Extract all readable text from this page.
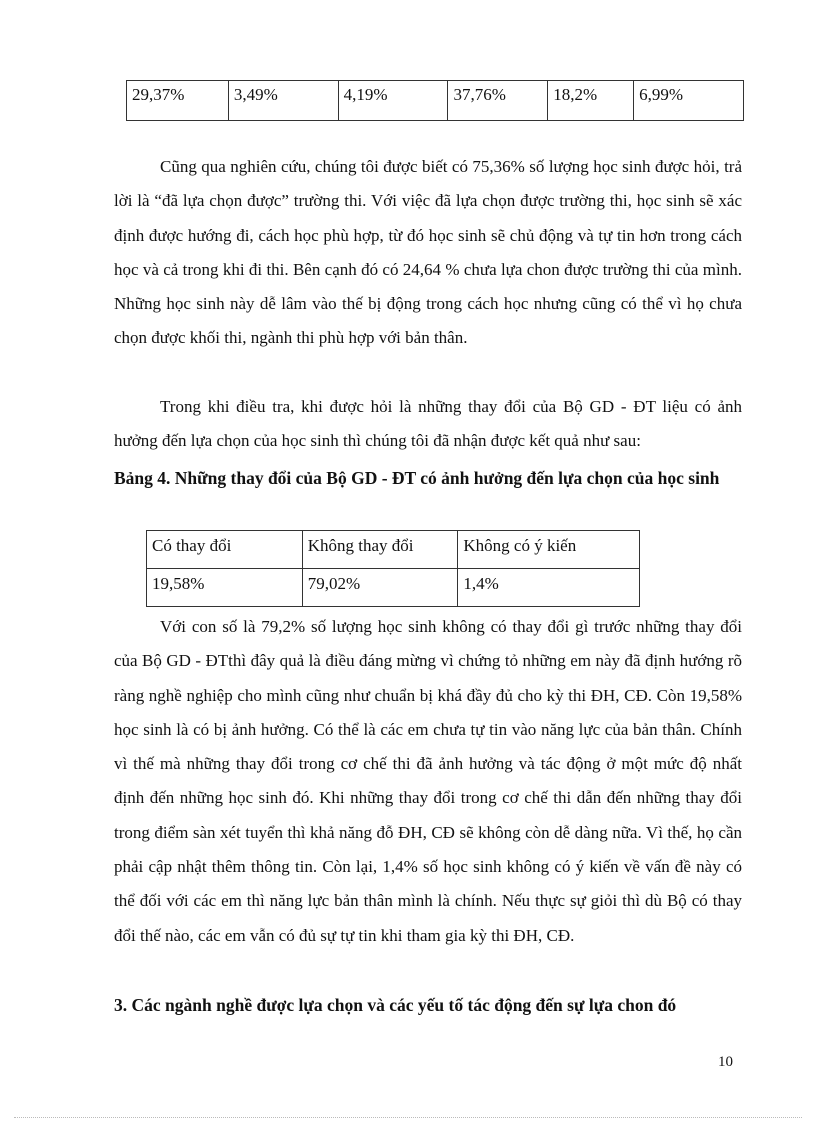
29,37%	3,49%	4,19%	37,76%	18,2%	6,99%

Cũng qua nghiên cứu, chúng tôi được biết có 75,36% số lượng học sinh được hỏi, trả lời là “đã lựa chọn được” trường thi. Với việc đã lựa chọn được trường thi, học sinh sẽ xác định được hướng đi, cách học phù hợp, từ đó học sinh sẽ chủ động và tự tin hơn trong cách học và cả trong khi đi thi. Bên cạnh đó có 24,64 % chưa lựa chon được trường thi của mình. Những học sinh này dễ lâm vào thế bị động trong cách học nhưng cũng có thể vì họ chưa chọn được khối thi, ngành thi phù hợp với bản thân.

Trong khi điều tra, khi được hỏi là những thay đổi của Bộ GD - ĐT liệu có ảnh hưởng đến lựa chọn của học sinh thì chúng tôi đã nhận được kết quả như sau:

Bảng 4. Những thay đổi của Bộ GD - ĐT có ảnh hưởng đến lựa chọn của học sinh

Có thay đổi	Không thay đổi	Không có ý kiến
19,58%	79,02%	1,4%

Với con số là 79,2% số lượng học sinh không có thay đổi gì trước những thay đổi của Bộ GD - ĐTthì đây quả là điều đáng mừng vì chứng tỏ những em này đã định hướng rõ ràng nghề nghiệp cho mình cũng như chuẩn bị khá đầy đủ cho kỳ thi ĐH, CĐ. Còn 19,58% học sinh là có bị ảnh hưởng. Có thể là các em chưa tự tin vào năng lực của bản thân. Chính vì thế mà những thay đổi trong cơ chế thi đã ảnh hưởng và tác động ở một mức độ nhất định đến những học sinh đó. Khi những thay đổi trong cơ chế thi dẫn đến những thay đổi trong điểm sàn xét tuyển thì khả năng đỗ ĐH, CĐ sẽ không còn dễ dàng nữa. Vì thế, họ cần phải cập nhật thêm thông tin. Còn lại, 1,4% số học sinh không có ý kiến về vấn đề này có thể đối với các em thì năng lực bản thân mình là chính. Nếu thực sự giỏi thì dù Bộ có thay đổi thế nào, các em vẫn có đủ sự tự tin khi tham gia kỳ thi ĐH, CĐ.

3. Các ngành nghề được lựa chọn và các yếu tố tác động đến sự lựa chon đó

10
